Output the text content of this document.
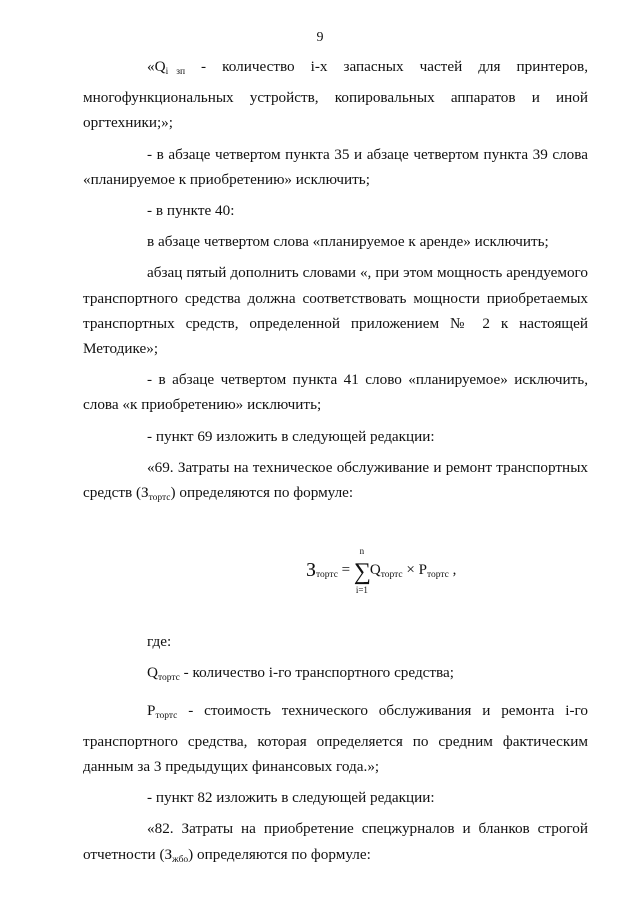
9

«$Q_i$ $_{зп}$ - количество i-х запасных частей для принтеров, многофункциональных устройств, копировальных аппаратов и иной оргтехники;»;

- в абзаце четвертом пункта 35 и абзаце четвертом пункта 39 слова «планируемое к приобретению» исключить;

- в пункте 40:

в абзаце четвертом слова «планируемое к аренде» исключить;

абзац пятый дополнить словами «, при этом мощность арендуемого транспортного средства должна соответствовать мощности приобретаемых транспортных средств, определенной приложением № 2 к настоящей Методике»;

- в абзаце четвертом пункта 41 слово «планируемое» исключить, слова «к приобретению» исключить;

- пункт 69 изложить в следующей редакции:

«69. Затраты на техническое обслуживание и ремонт транспортных средств $(З_{тортс})$ определяются по формуле:

$З_{тортс}$ =
n
∑
i=1
$Q_{тортс} \times P_{тортс}$ ,

где:

$Q_{тортс}$ - количество i-го транспортного средства;

$P_{тортс}$ - стоимость технического обслуживания и ремонта i-го транспортного средства, которая определяется по средним фактическим данным за 3 предыдущих финансовых года.»;

- пункт 82 изложить в следующей редакции:

«82. Затраты на приобретение спецжурналов и бланков строгой отчетности $(З_{жбо})$ определяются по формуле:
